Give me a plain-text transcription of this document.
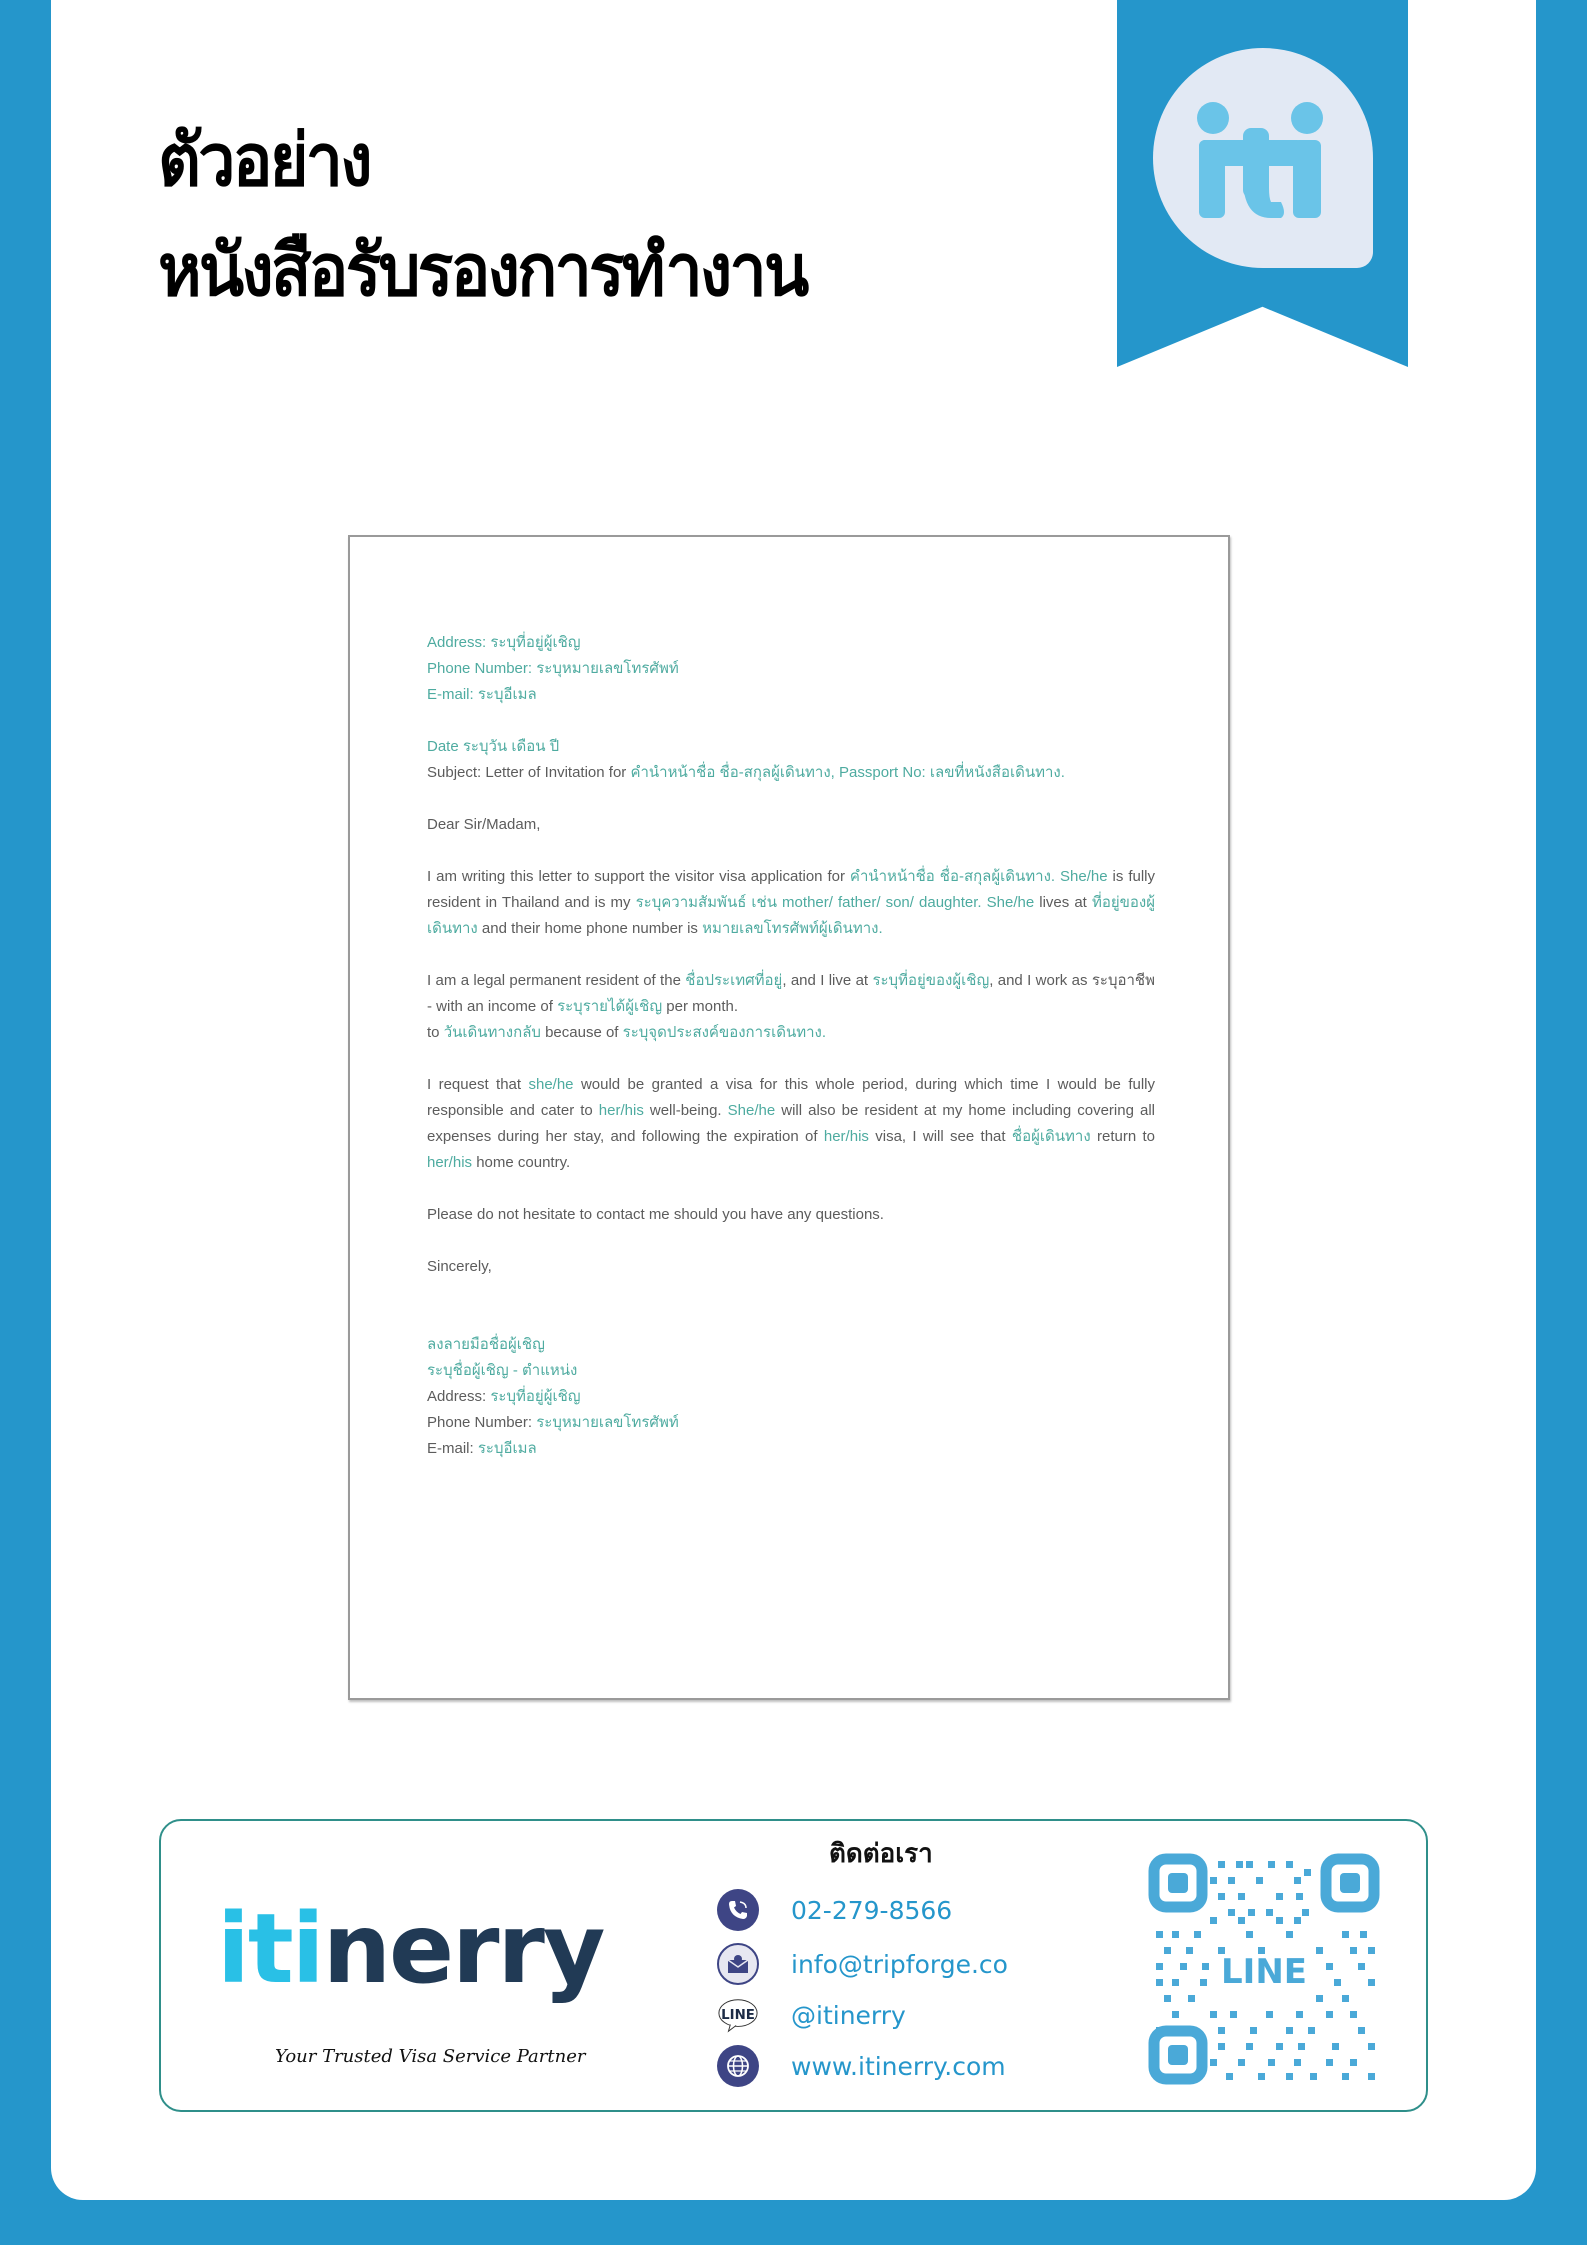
ตัวอย่าง
หนังสือรับรองการทำงาน
Address: ระบุที่อยู่ผู้เชิญ
Phone Number: ระบุหมายเลขโทรศัพท์
E-mail: ระบุอีเมล
Date ระบุวัน เดือน ปี
Subject: Letter of Invitation for คำนำหน้าชื่อ ชื่อ-สกุลผู้เดินทาง, Passport No: เลขที่หนังสือเดินทาง.
Dear Sir/Madam,

I am writing this letter to support the visitor visa application for คำนำหน้าชื่อ ชื่อ-สกุลผู้เดินทาง. She/he is fully resident in Thailand and is my ระบุความสัมพันธ์ เช่น mother/ father/ son/ daughter. She/he lives at ที่อยู่ของผู้เดินทาง and their home phone number is หมายเลขโทรศัพท์ผู้เดินทาง.

I am a legal permanent resident of the ชื่อประเทศที่อยู่, and I live at ระบุที่อยู่ของผู้เชิญ, and I work as ระบุอาชีพ - with an income of ระบุรายได้ผู้เชิญ per month.
to วันเดินทางกลับ because of ระบุจุดประสงค์ของการเดินทาง.

I request that she/he would be granted a visa for this whole period, during which time I would be fully responsible and cater to her/his well-being. She/he will also be resident at my home including covering all expenses during her stay, and following the expiration of her/his visa, I will see that ชื่อผู้เดินทาง return to her/his home country.

Please do not hesitate to contact me should you have any questions.
Sincerely,
ลงลายมือชื่อผู้เชิญ
ระบุชื่อผู้เชิญ - ตำแหน่ง
Address: ระบุที่อยู่ผู้เชิญ
Phone Number: ระบุหมายเลขโทรศัพท์
E-mail: ระบุอีเมล
itinerry
Your Trusted Visa Service Partner
ติดต่อเรา
02-279-8566
info@tripforge.co
LINE @itinerry
www.itinerry.com
LINE
